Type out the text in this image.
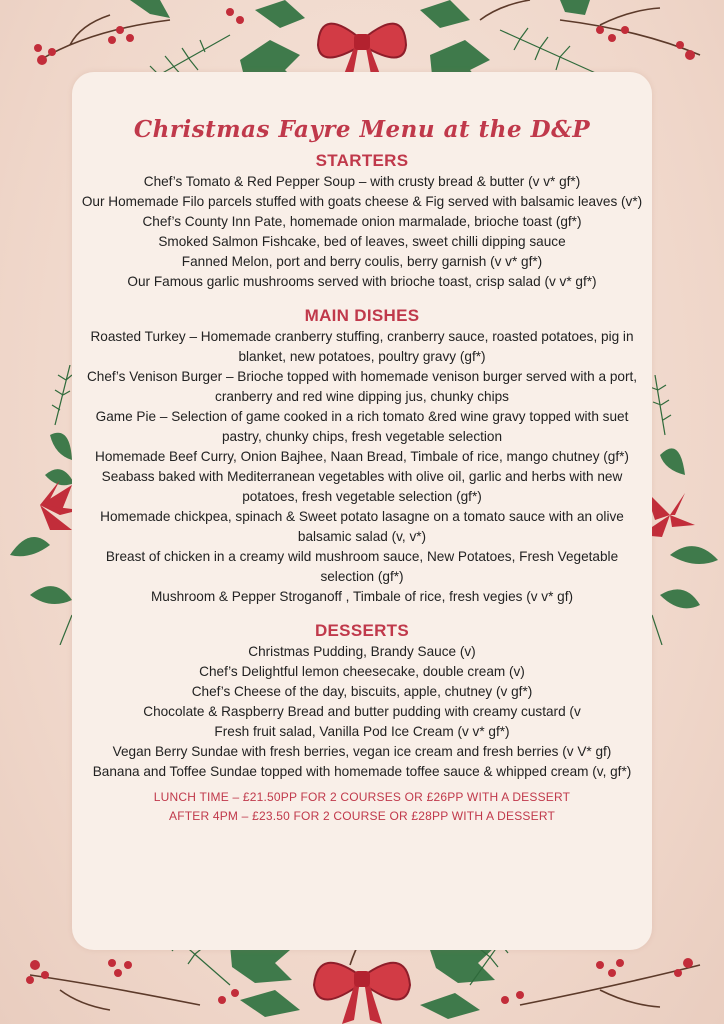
Christmas Fayre Menu at the D&P
STARTERS
Chef’s Tomato & Red Pepper Soup – with crusty bread & butter (v v* gf*)
Our Homemade Filo parcels stuffed with goats cheese & Fig served with balsamic leaves (v*)
Chef’s County Inn Pate, homemade onion marmalade, brioche toast (gf*)
Smoked Salmon Fishcake, bed of leaves, sweet chilli dipping sauce
Fanned Melon, port and berry coulis, berry garnish (v v* gf*)
Our Famous garlic mushrooms served with brioche toast, crisp salad (v v* gf*)
MAIN DISHES
Roasted Turkey – Homemade cranberry stuffing, cranberry sauce, roasted potatoes, pig in blanket, new potatoes, poultry gravy (gf*)
Chef’s Venison Burger – Brioche topped with homemade venison burger served with a port, cranberry and red wine dipping jus, chunky chips
Game Pie – Selection of game cooked in a rich tomato &red wine gravy topped with suet pastry, chunky chips, fresh vegetable selection
Homemade Beef Curry, Onion Bajhee, Naan Bread, Timbale of rice, mango chutney (gf*)
Seabass baked with Mediterranean vegetables with olive oil, garlic and herbs with new potatoes, fresh vegetable selection (gf*)
Homemade chickpea, spinach & Sweet potato lasagne on a tomato sauce with an olive balsamic salad (v, v*)
Breast of chicken in a creamy wild mushroom sauce, New Potatoes, Fresh Vegetable selection (gf*)
Mushroom & Pepper Stroganoff , Timbale of rice, fresh vegies (v v* gf)
DESSERTS
Christmas Pudding, Brandy Sauce (v)
Chef’s Delightful lemon cheesecake, double cream (v)
Chef’s Cheese of the day, biscuits, apple, chutney (v gf*)
Chocolate & Raspberry Bread and butter pudding with creamy custard (v
Fresh fruit salad, Vanilla Pod Ice Cream (v v* gf*)
Vegan Berry Sundae with fresh berries, vegan ice cream and fresh berries (v V* gf)
Banana and Toffee Sundae topped with homemade toffee sauce & whipped cream (v, gf*)
LUNCH TIME – £21.50PP FOR 2 COURSES OR £26PP WITH A DESSERT
AFTER 4PM – £23.50 FOR 2 COURSE OR £28PP WITH A DESSERT
